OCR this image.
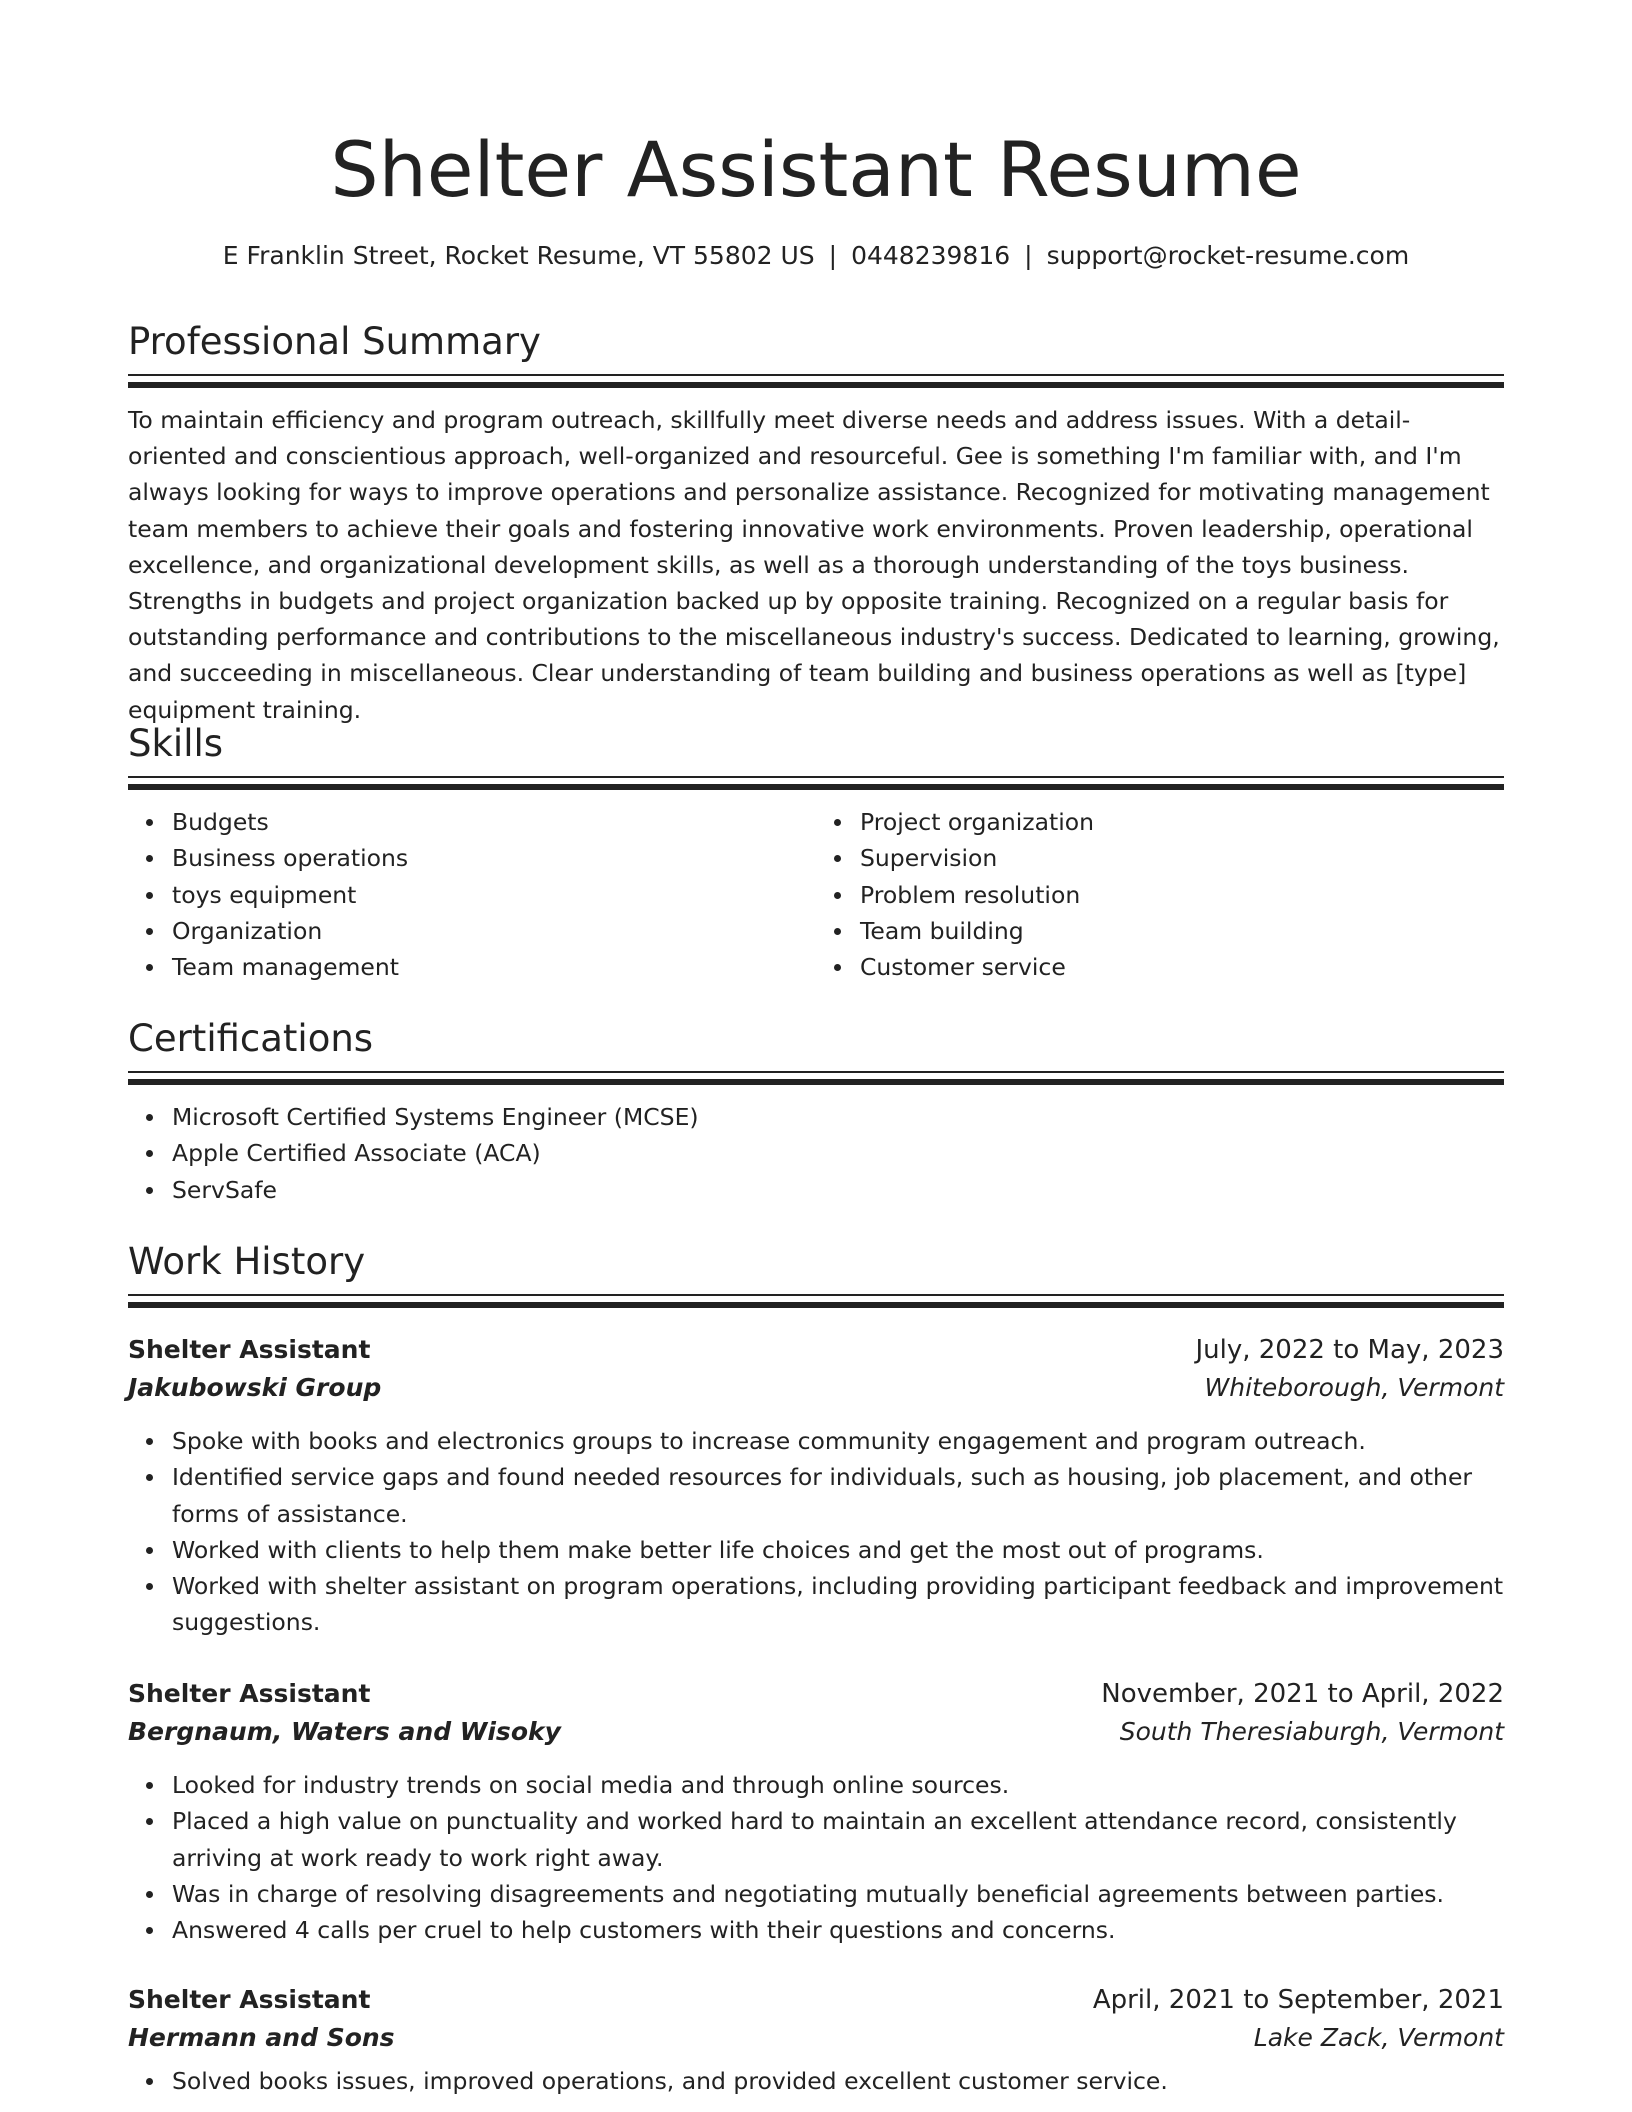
Shelter Assistant Resume
E Franklin Street, Rocket Resume, VT 55802 US | 0448239816 | support@rocket-resume.com
Professional Summary

To maintain efficiency and program outreach, skillfully meet diverse needs and address issues. With a detail-oriented and conscientious approach, well-organized and resourceful. Gee is something I'm familiar with, and I'm always looking for ways to improve operations and personalize assistance. Recognized for motivating management team members to achieve their goals and fostering innovative work environments. Proven leadership, operational excellence, and organizational development skills, as well as a thorough understanding of the toys business. Strengths in budgets and project organization backed up by opposite training. Recognized on a regular basis for outstanding performance and contributions to the miscellaneous industry's success. Dedicated to learning, growing, and succeeding in miscellaneous. Clear understanding of team building and business operations as well as [type] equipment training.

Skills
Budgets
Business operations
toys equipment
Organization
Team management
Project organization
Supervision
Problem resolution
Team building
Customer service
Certifications
Microsoft Certified Systems Engineer (MCSE)
Apple Certified Associate (ACA)
ServSafe
Work History
Shelter Assistant	July, 2022 to May, 2023
Jakubowski Group	Whiteborough, Vermont
Spoke with books and electronics groups to increase community engagement and program outreach.
Identified service gaps and found needed resources for individuals, such as housing, job placement, and other forms of assistance.
Worked with clients to help them make better life choices and get the most out of programs.
Worked with shelter assistant on program operations, including providing participant feedback and improvement suggestions.
Shelter Assistant	November, 2021 to April, 2022
Bergnaum, Waters and Wisoky	South Theresiaburgh, Vermont
Looked for industry trends on social media and through online sources.
Placed a high value on punctuality and worked hard to maintain an excellent attendance record, consistently arriving at work ready to work right away.
Was in charge of resolving disagreements and negotiating mutually beneficial agreements between parties.
Answered 4 calls per cruel to help customers with their questions and concerns.
Shelter Assistant	April, 2021 to September, 2021
Hermann and Sons	Lake Zack, Vermont
Solved books issues, improved operations, and provided excellent customer service.
